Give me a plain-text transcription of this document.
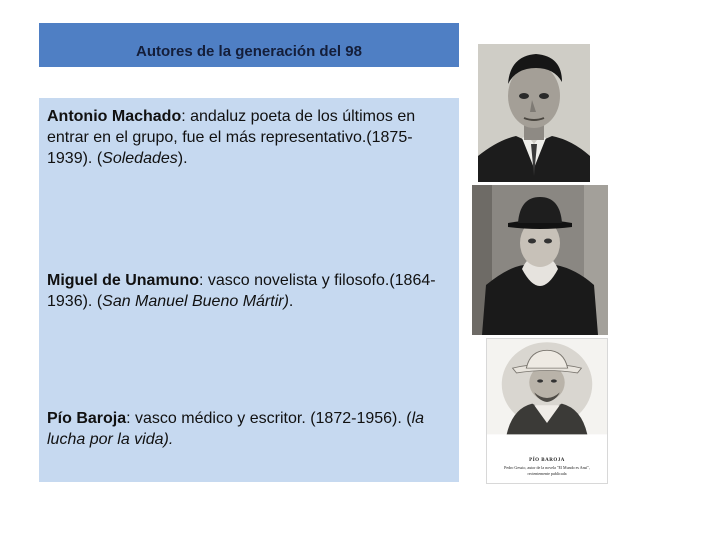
Autores de la generación del 98

Antonio Machado: andaluz poeta de los últimos en entrar en el grupo, fue el más representativo.(1875-1939). (Soledades).

Miguel de Unamuno: vasco novelista y filosofo.(1864-1936). (San Manuel Bueno Mártir).

Pío Baroja: vasco médico y escritor. (1872-1956). (la lucha por la vida).

PÍO BAROJA
Pedro Gessio, autor de la novela "El Mundo es Ansí",
recientemente publicada
